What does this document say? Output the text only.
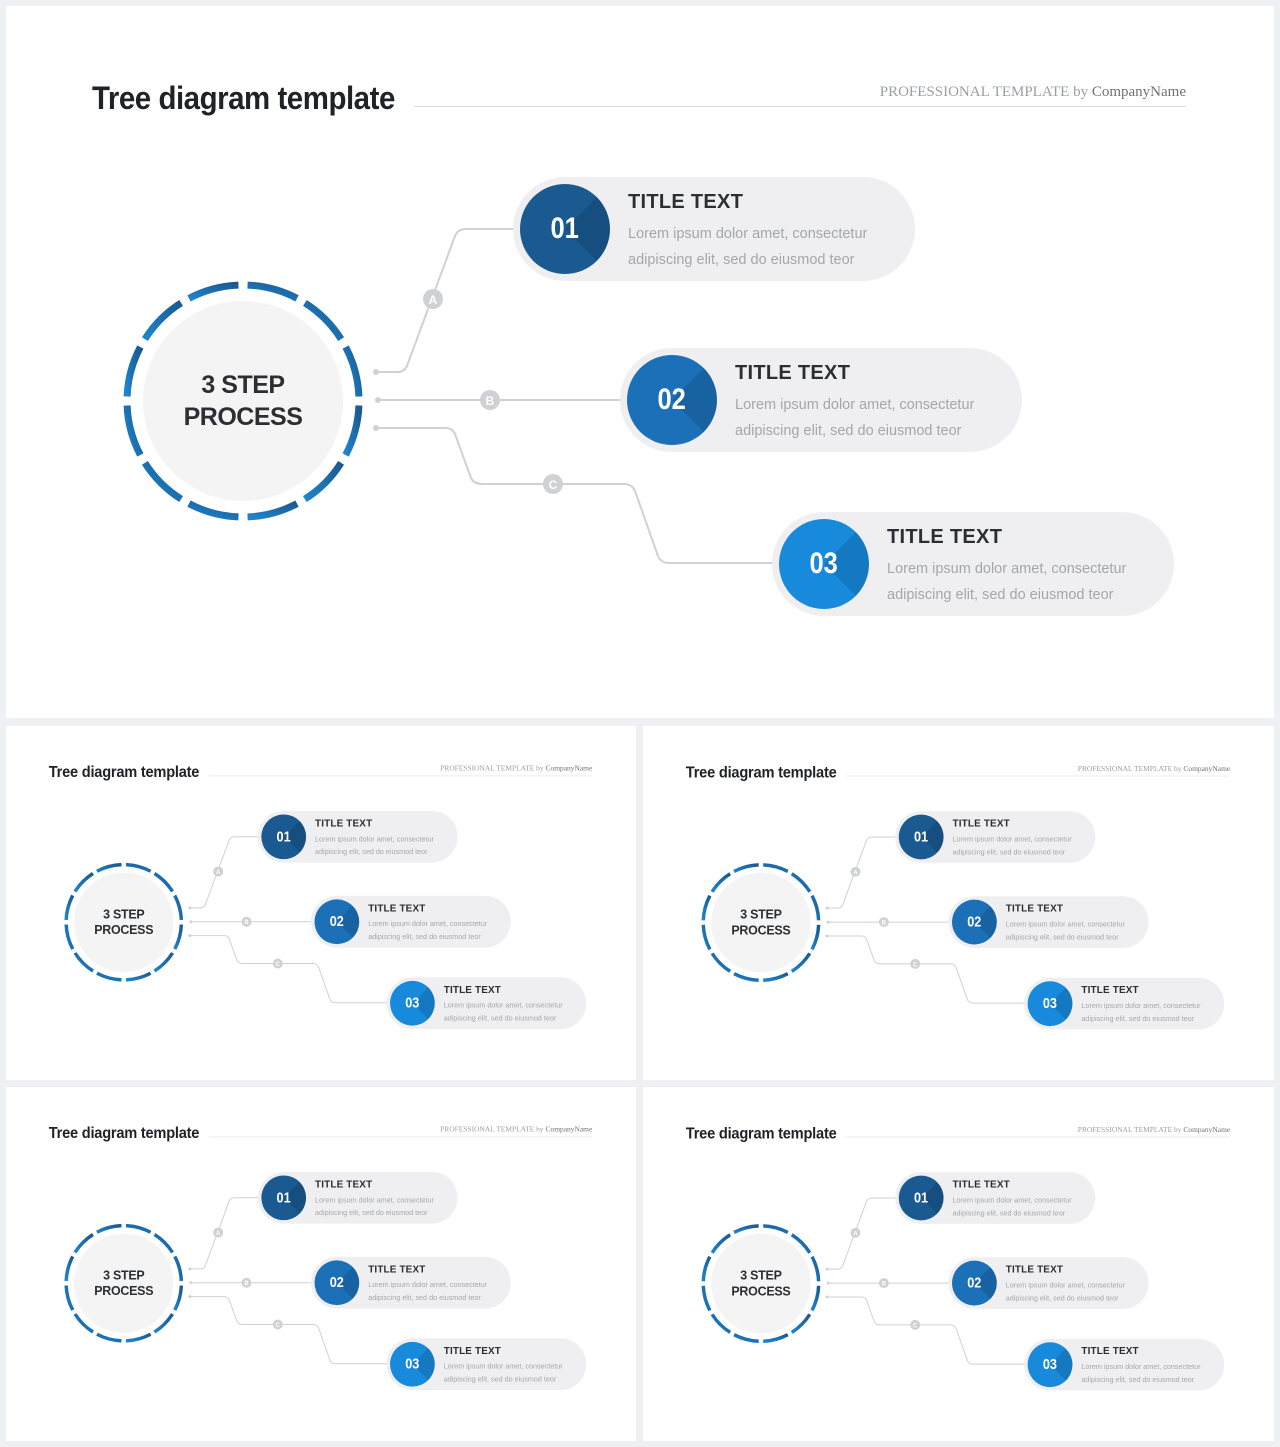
Tree diagram template	PROFESSIONAL TEMPLATE by CompanyName
A
B
C
3 STEP
PROCESS
01
TITLE TEXT
Lorem ipsum dolor amet, consectetur adipiscing elit, sed do eiusmod teor
02
TITLE TEXT
Lorem ipsum dolor amet, consectetur adipiscing elit, sed do eiusmod teor
03
TITLE TEXT
Lorem ipsum dolor amet, consectetur adipiscing elit, sed do eiusmod teor
Tree diagram template	PROFESSIONAL TEMPLATE by CompanyName
A
B
C
3 STEP
PROCESS
01
TITLE TEXT
Lorem ipsum dolor amet, consectetur adipiscing elit, sed do eiusmod teor
02
TITLE TEXT
Lorem ipsum dolor amet, consectetur adipiscing elit, sed do eiusmod teor
03
TITLE TEXT
Lorem ipsum dolor amet, consectetur adipiscing elit, sed do eiusmod teor
Tree diagram template	PROFESSIONAL TEMPLATE by CompanyName
A
B
C
3 STEP
PROCESS
01
TITLE TEXT
Lorem ipsum dolor amet, consectetur adipiscing elit, sed do eiusmod teor
02
TITLE TEXT
Lorem ipsum dolor amet, consectetur adipiscing elit, sed do eiusmod teor
03
TITLE TEXT
Lorem ipsum dolor amet, consectetur adipiscing elit, sed do eiusmod teor
Tree diagram template	PROFESSIONAL TEMPLATE by CompanyName
A
B
C
3 STEP
PROCESS
01
TITLE TEXT
Lorem ipsum dolor amet, consectetur adipiscing elit, sed do eiusmod teor
02
TITLE TEXT
Lorem ipsum dolor amet, consectetur adipiscing elit, sed do eiusmod teor
03
TITLE TEXT
Lorem ipsum dolor amet, consectetur adipiscing elit, sed do eiusmod teor
Tree diagram template	PROFESSIONAL TEMPLATE by CompanyName
A
B
C
3 STEP
PROCESS
01
TITLE TEXT
Lorem ipsum dolor amet, consectetur adipiscing elit, sed do eiusmod teor
02
TITLE TEXT
Lorem ipsum dolor amet, consectetur adipiscing elit, sed do eiusmod teor
03
TITLE TEXT
Lorem ipsum dolor amet, consectetur adipiscing elit, sed do eiusmod teor
